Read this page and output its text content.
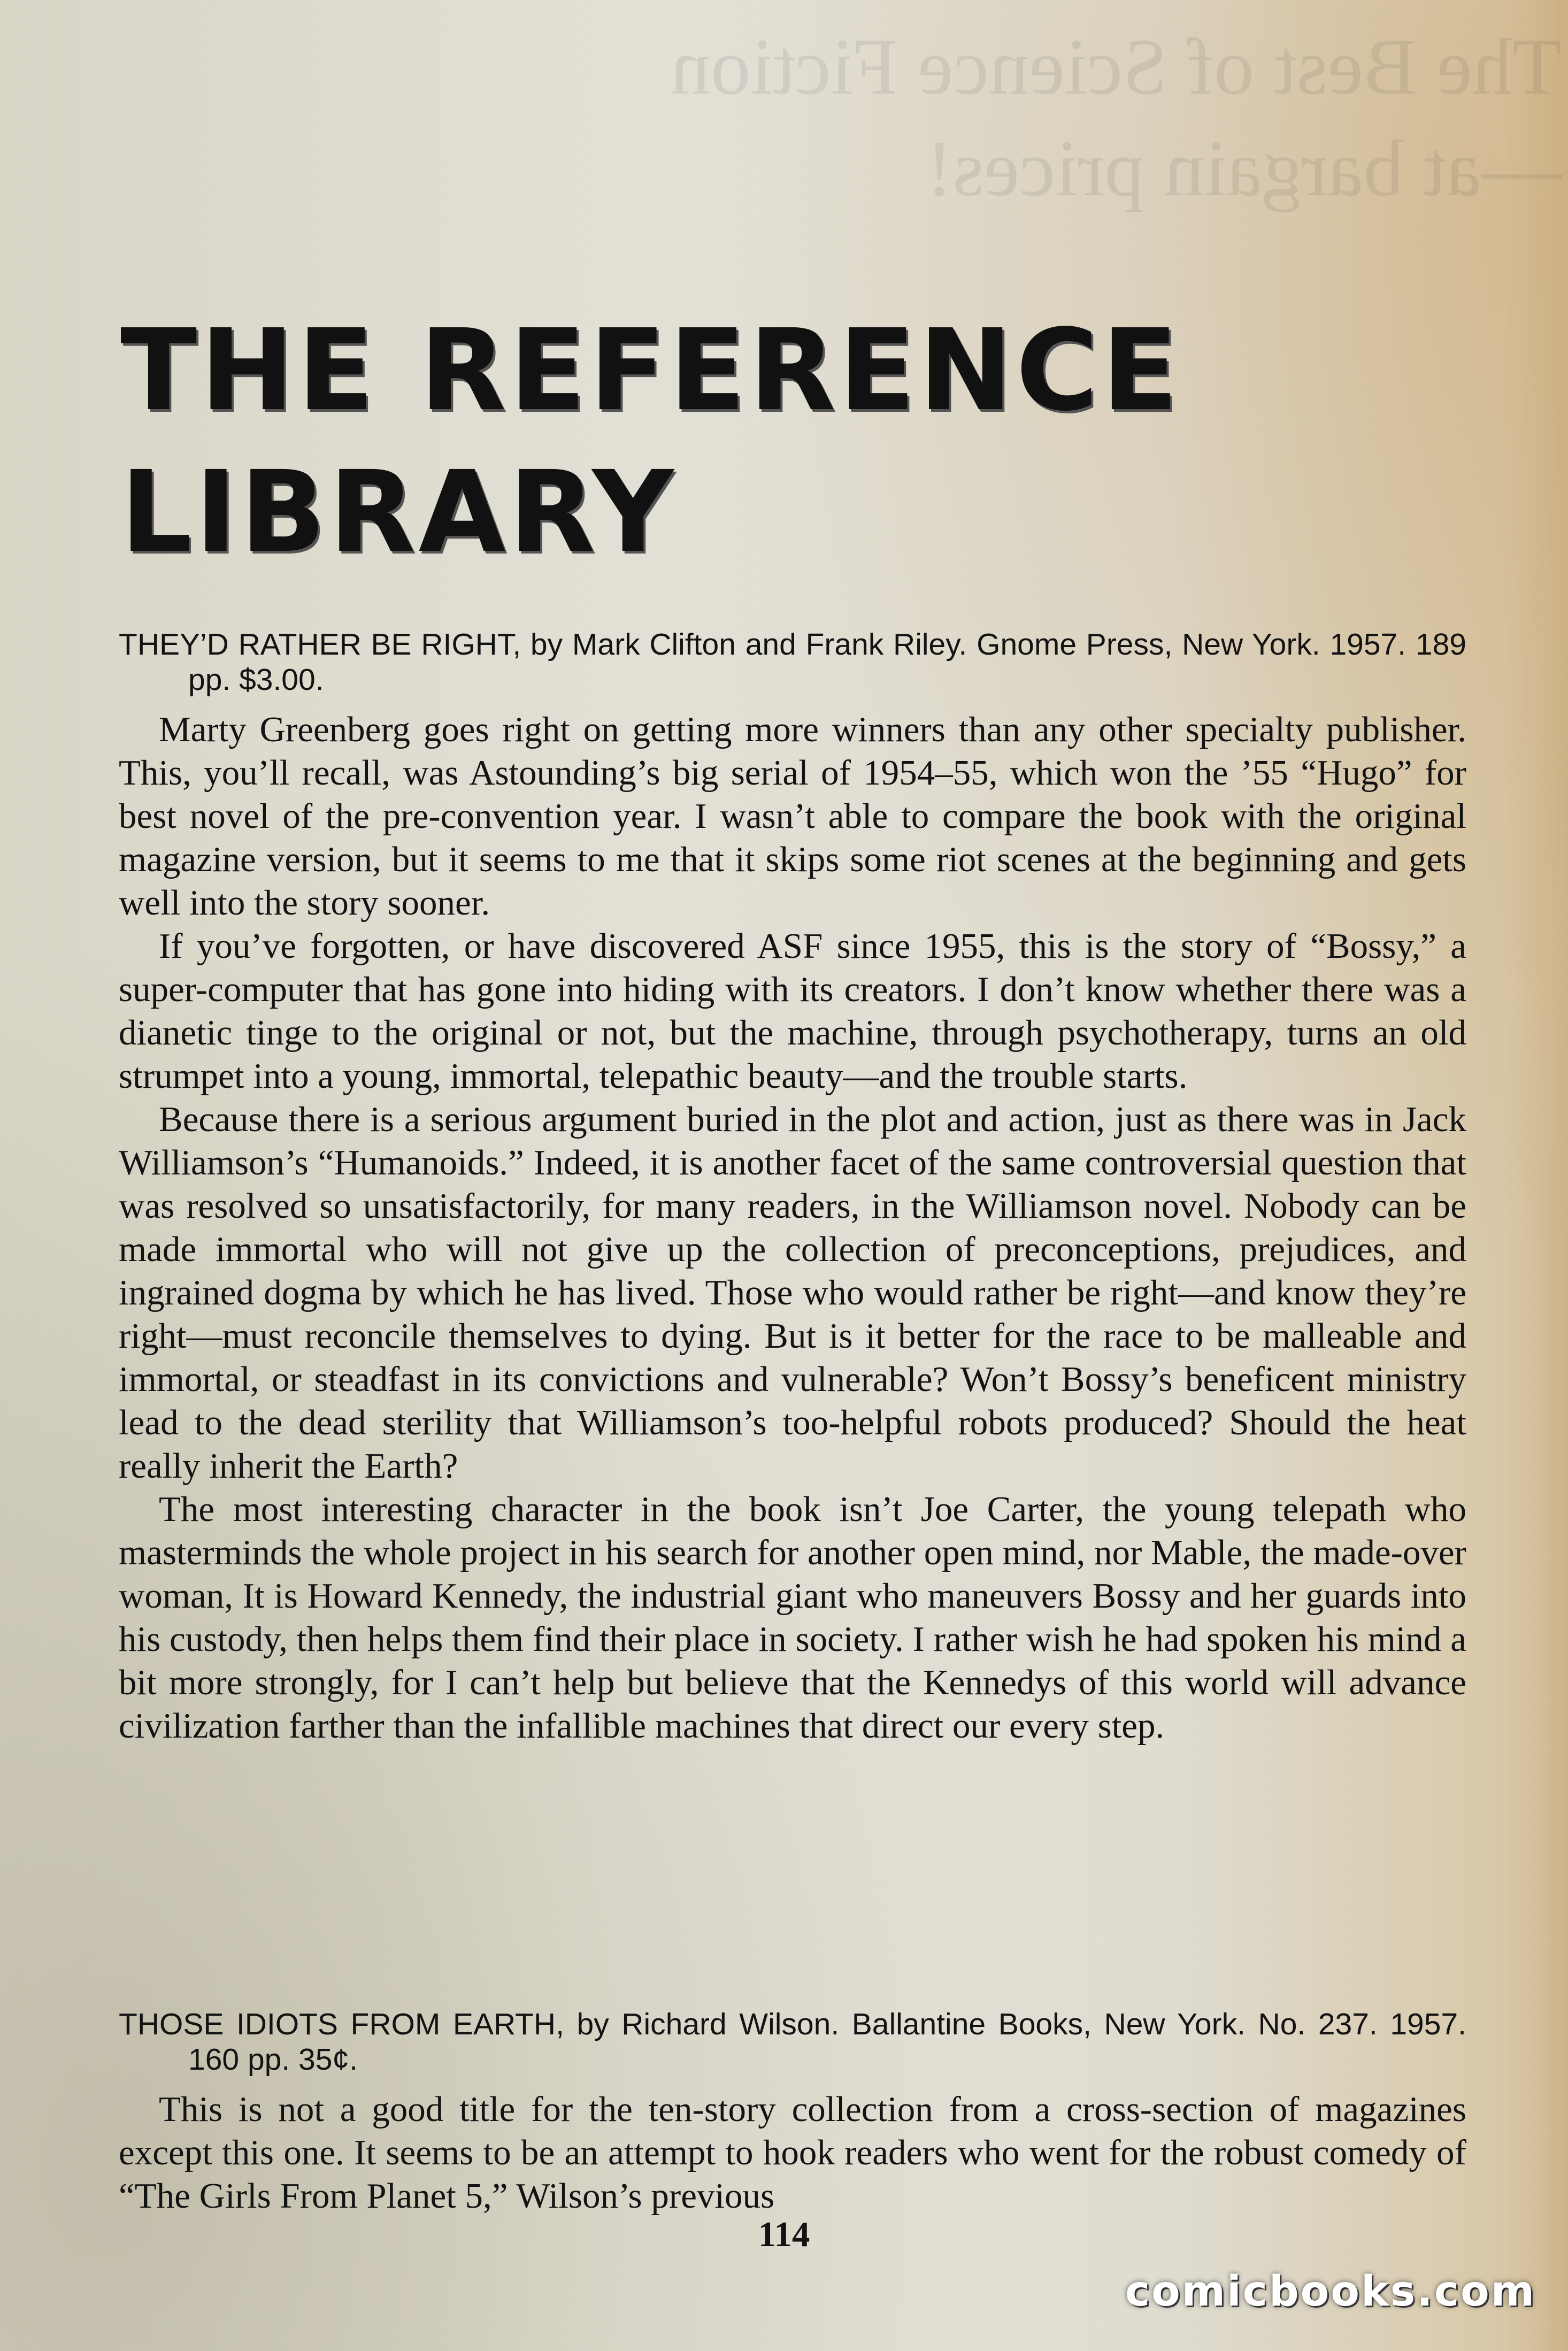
The Best of Science Fiction
—at bargain prices!
THE REFERENCE
LIBRARY

THEY’D RATHER BE RIGHT, by Mark Clifton and Frank Riley. Gnome Press, New York. 1957. 189 pp. $3.00.

Marty Greenberg goes right on getting more winners than any other specialty publisher. This, you’ll recall, was Astounding’s big serial of 1954–55, which won the ’55 “Hugo” for best novel of the pre-convention year. I wasn’t able to compare the book with the original magazine version, but it seems to me that it skips some riot scenes at the beginning and gets well into the story sooner.

If you’ve forgotten, or have discovered ASF since 1955, this is the story of “Bossy,” a super-computer that has gone into hiding with its creators. I don’t know whether there was a dianetic tinge to the original or not, but the machine, through psychotherapy, turns an old strumpet into a young, immortal, telepathic beauty—and the trouble starts.

Because there is a serious argument buried in the plot and action, just as there was in Jack Williamson’s “Humanoids.” Indeed, it is another facet of the same controversial question that was resolved so unsatisfactorily, for many readers, in the Williamson novel. Nobody can be made immortal who will not give up the collection of preconceptions, prejudices, and ingrained dogma by which he has lived. Those who would rather be right—and know they’re right—must reconcile themselves to dying. But is it better for the race to be malleable and immortal, or steadfast in its convictions and vulnerable? Won’t Bossy’s beneficent ministry lead to the dead sterility that Williamson’s too-helpful robots produced? Should the heat really inherit the Earth?

The most interesting character in the book isn’t Joe Carter, the young telepath who masterminds the whole project in his search for another open mind, nor Mable, the made-over woman, It is Howard Kennedy, the industrial giant who maneuvers Bossy and her guards into his custody, then helps them find their place in society. I rather wish he had spoken his mind a bit more strongly, for I can’t help but believe that the Kennedys of this world will advance civilization farther than the infallible machines that direct our every step.

THOSE IDIOTS FROM EARTH, by Richard Wilson. Ballantine Books, New York. No. 237. 1957. 160 pp. 35¢.

This is not a good title for the ten-story collection from a cross-section of magazines except this one. It seems to be an attempt to hook readers who went for the robust comedy of “The Girls From Planet 5,” Wilson’s previous

114

comicbooks.com
